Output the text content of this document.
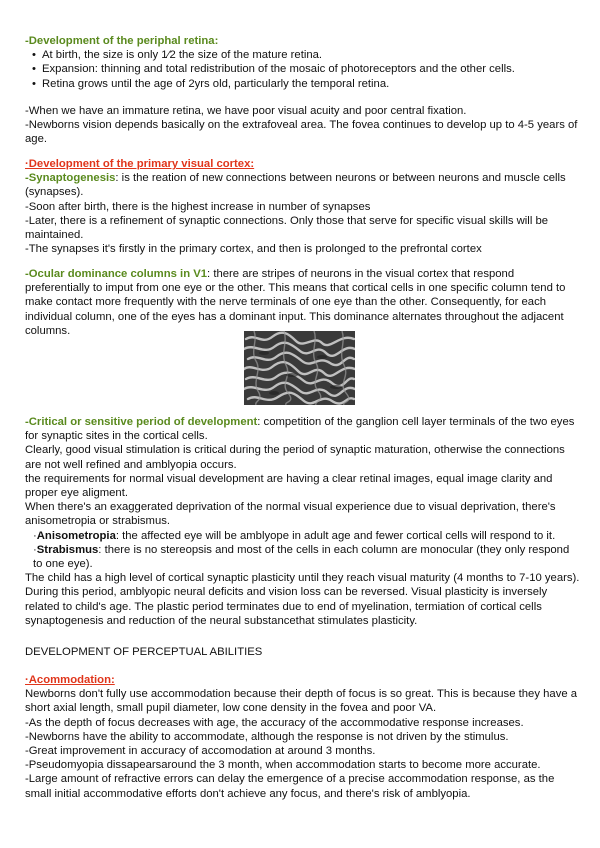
-Development of the periphal retina:

• At birth, the size is only 1⁄2 the size of the mature retina.
• Expansion: thinning and total redistribution of the mosaic of photoreceptors and the other cells.
• Retina grows until the age of 2yrs old, particularly the temporal retina.

-When we have an immature retina, we have poor visual acuity and poor central fixation.

-Newborns vision depends basically on the extrafoveal area. The fovea continues to develop up to 4-5 years of age.

·Development of the primary visual cortex:

-Synaptogenesis: is the reation of new connections between neurons or between neurons and muscle cells (synapses).

-Soon after birth, there is the highest increase in number of synapses

-Later, there is a refinement of synaptic connections. Only those that serve for specific visual skills will be maintained.

-The synapses it's firstly in the primary cortex, and then is prolonged to the prefrontal cortex

-Ocular dominance columns in V1: there are stripes of neurons in the visual cortex that respond preferentially to imput from one eye or the other. This means that cortical cells in one specific column tend to make contact more frequently with the nerve terminals of one eye than the other. Consequently, for each individual column, one of the eyes has a dominant input. This dominance alternates throughout the adjacent columns.

-Critical or sensitive period of development: competition of the ganglion cell layer terminals of the two eyes for synaptic sites in the cortical cells.

Clearly, good visual stimulation is critical during the period of synaptic maturation, otherwise the connections are not well refined and amblyopia occurs.

the requirements for normal visual development are having a clear retinal images, equal image clarity and proper eye aligment.

When there's an exaggerated deprivation of the normal visual experience due to visual deprivation, there's anisometropia or strabismus.

·Anisometropia: the affected eye will be amblyope in adult age and fewer cortical cells will respond to it.

·Strabismus: there is no stereopsis and most of the cells in each column are monocular (they only respond to one eye).

The child has a high level of cortical synaptic plasticity until they reach visual maturity (4 months to 7-10 years). During this period, amblyopic neural deficits and vision loss can be reversed. Visual plasticity is inversely related to child's age. The plastic period terminates due to end of myelination, termiation of cortical cells synaptogenesis and reduction of the neural substancethat stimulates plasticity.

DEVELOPMENT OF PERCEPTUAL ABILITIES

·Acommodation:

Newborns don't fully use accommodation because their depth of focus is so great. This is because they have a short axial length, small pupil diameter, low cone density in the fovea and poor VA.

-As the depth of focus decreases with age, the accuracy of the accommodative response increases.

-Newborns have the ability to accommodate, although the response is not driven by the stimulus.

-Great improvement in accuracy of accomodation at around 3 months.

-Pseudomyopia dissapearsaround the 3 month, when accommodation starts to become more accurate.

-Large amount of refractive errors can delay the emergence of a precise accommodation response, as the small initial accommodative efforts don't achieve any focus, and there's risk of amblyopia.
